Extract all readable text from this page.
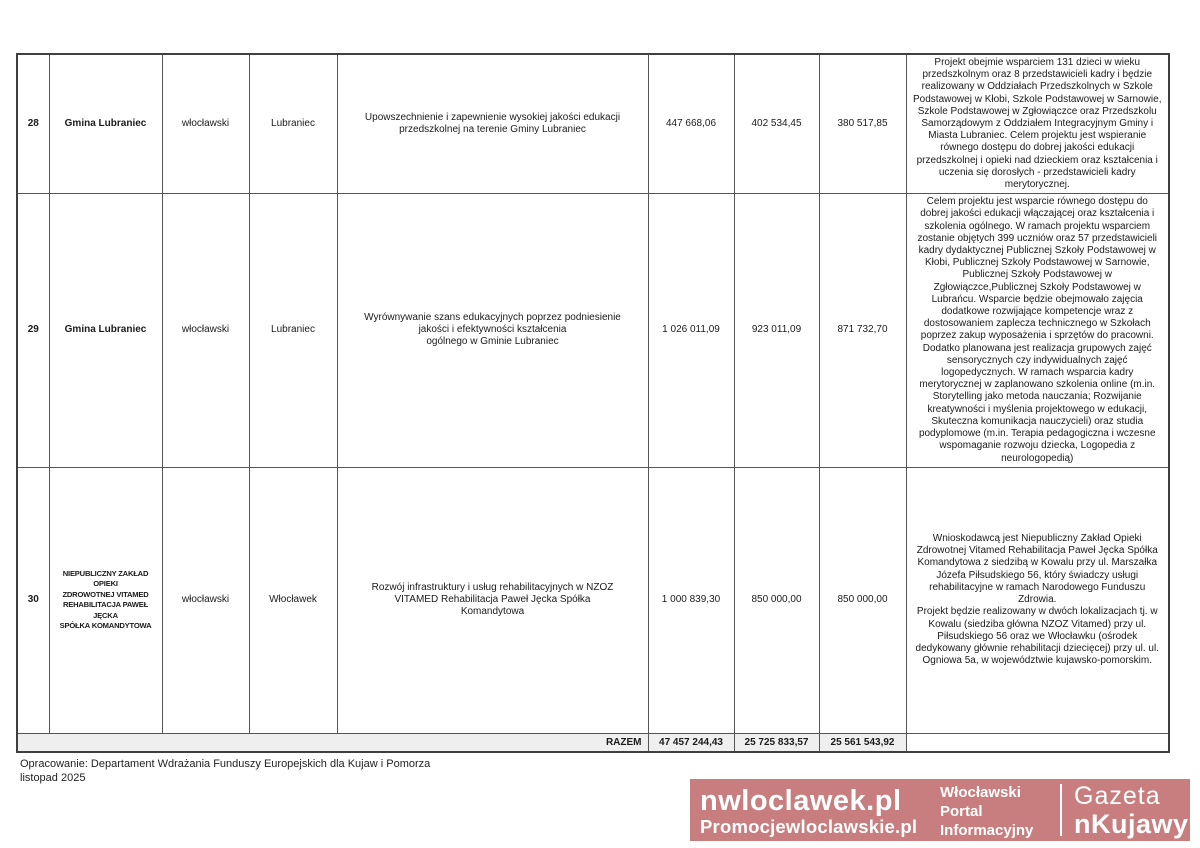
28	Gmina Lubraniec	włocławski	Lubraniec	Upowszechnienie i zapewnienie wysokiej jakości edukacji
przedszkolnej na terenie Gminy Lubraniec	447 668,06	402 534,45	380 517,85	Projekt obejmie wsparciem 131 dzieci w wieku przedszkolnym oraz 8 przedstawicieli kadry i będzie realizowany w Oddziałach Przedszkolnych w Szkole Podstawowej w Kłobi, Szkole Podstawowej w Sarnowie, Szkole Podstawowej w Zgłowiączce oraz Przedszkolu Samorządowym z Oddziałem Integracyjnym Gminy i Miasta Lubraniec. Celem projektu jest wspieranie równego dostępu do dobrej jakości edukacji przedszkolnej i opieki nad dzieckiem oraz kształcenia i uczenia się dorosłych - przedstawicieli kadry merytorycznej.
29	Gmina Lubraniec	włocławski	Lubraniec	Wyrównywanie szans edukacyjnych poprzez podniesienie
jakości i efektywności kształcenia
ogólnego w Gminie Lubraniec	1 026 011,09	923 011,09	871 732,70	Celem projektu jest wsparcie równego dostępu do dobrej jakości edukacji włączającej oraz kształcenia i szkolenia ogólnego. W ramach projektu wsparciem zostanie objętych 399 uczniów oraz 57 przedstawicieli kadry dydaktycznej Publicznej Szkoły Podstawowej w Kłobi, Publicznej Szkoły Podstawowej w Sarnowie, Publicznej Szkoły Podstawowej w Zgłowiączce,Publicznej Szkoły Podstawowej w Lubrańcu. Wsparcie będzie obejmowało zajęcia dodatkowe rozwijające kompetencje wraz z dostosowaniem zaplecza technicznego w Szkołach poprzez zakup wyposażenia i sprzętów do pracowni. Dodatko planowana jest realizacja grupowych zajęć sensorycznych czy indywidualnych zajęć logopedycznych. W ramach wsparcia kadry merytorycznej w zaplanowano szkolenia online (m.in. Storytelling jako metoda nauczania; Rozwijanie kreatywności i myślenia projektowego w edukacji, Skuteczna komunikacja nauczycieli) oraz studia podyplomowe (m.in. Terapia pedagogiczna i wczesne wspomaganie rozwoju dziecka, Logopedia z neurologopedią)
30	NIEPUBLICZNY ZAKŁAD OPIEKI
ZDROWOTNEJ VITAMED
REHABILITACJA PAWEŁ JĘCKA
SPÓŁKA KOMANDYTOWA	włocławski	Włocławek	Rozwój infrastruktury i usług rehabilitacyjnych w NZOZ
VITAMED Rehabilitacja Paweł Jęcka Spółka
Komandytowa	1 000 839,30	850 000,00	850 000,00	Wnioskodawcą jest Niepubliczny Zakład Opieki Zdrowotnej Vitamed Rehabilitacja Paweł Jęcka Spółka Komandytowa z siedzibą w Kowalu przy ul. Marszałka Józefa Piłsudskiego 56, który świadczy usługi rehabilitacyjne w ramach Narodowego Funduszu Zdrowia.
Projekt będzie realizowany w dwóch lokalizacjach tj. w Kowalu (siedziba główna NZOZ Vitamed) przy ul. Piłsudskiego 56 oraz we Włocławku (ośrodek dedykowany głównie rehabilitacji dziecięcej) przy ul. ul. Ogniowa 5a, w województwie kujawsko-pomorskim.
RAZEM					47 457 244,43	25 725 833,57	25 561 543,92	
Opracowanie: Departament Wdrażania Funduszy Europejskich dla Kujaw i Pomorza
listopad 2025
nwloclawek.pl
Promocjewloclawskie.pl
Włocławski
Portal
Informacyjny
Gazeta
nKujawy
